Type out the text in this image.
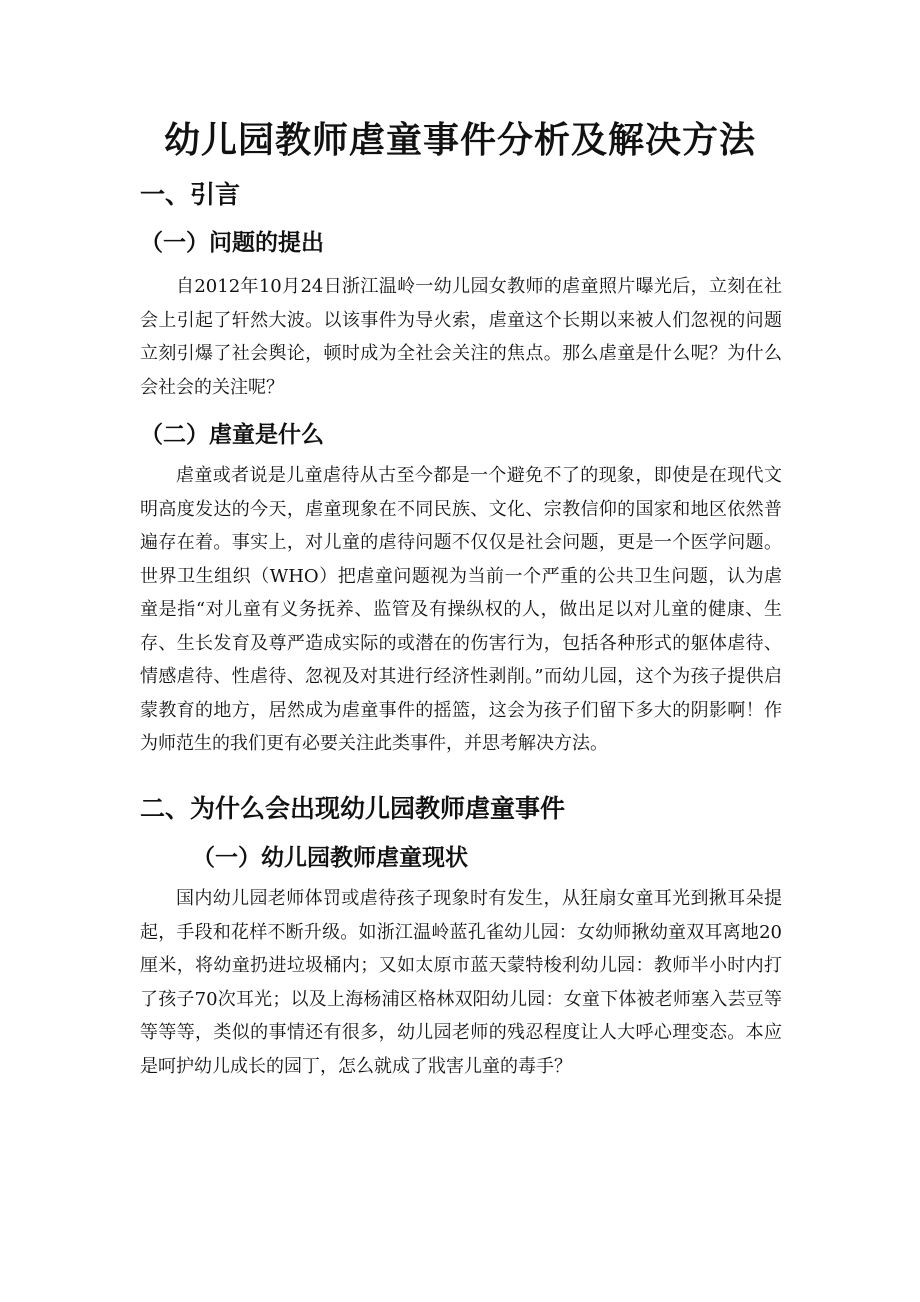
幼儿园教师虐童事件分析及解决方法
一、引言
（一）问题的提出

自2012年10月24日浙江温岭一幼儿园女教师的虐童照片曝光后，立刻在社会上引起了轩然大波。以该事件为导火索，虐童这个长期以来被人们忽视的问题立刻引爆了社会舆论，顿时成为全社会关注的焦点。那么虐童是什么呢？为什么会社会的关注呢？

（二）虐童是什么

虐童或者说是儿童虐待从古至今都是一个避免不了的现象，即使是在现代文明高度发达的今天，虐童现象在不同民族、文化、宗教信仰的国家和地区依然普遍存在着。事实上，对儿童的虐待问题不仅仅是社会问题，更是一个医学问题。世界卫生组织（WHO）把虐童问题视为当前一个严重的公共卫生问题，认为虐童是指“对儿童有义务抚养、监管及有操纵权的人，做出足以对儿童的健康、生存、生长发育及尊严造成实际的或潜在的伤害行为，包括各种形式的躯体虐待、情感虐待、性虐待、忽视及对其进行经济性剥削。”而幼儿园，这个为孩子提供启蒙教育的地方，居然成为虐童事件的摇篮，这会为孩子们留下多大的阴影啊！作为师范生的我们更有必要关注此类事件，并思考解决方法。

二、为什么会出现幼儿园教师虐童事件
（一）幼儿园教师虐童现状

国内幼儿园老师体罚或虐待孩子现象时有发生，从狂扇女童耳光到揪耳朵提起，手段和花样不断升级。如浙江温岭蓝孔雀幼儿园：女幼师揪幼童双耳离地20厘米，将幼童扔进垃圾桶内；又如太原市蓝天蒙特梭利幼儿园：教师半小时内打了孩子70次耳光；以及上海杨浦区格林双阳幼儿园：女童下体被老师塞入芸豆等等等等，类似的事情还有很多，幼儿园老师的残忍程度让人大呼心理变态。本应是呵护幼儿成长的园丁，怎么就成了戕害儿童的毒手？
